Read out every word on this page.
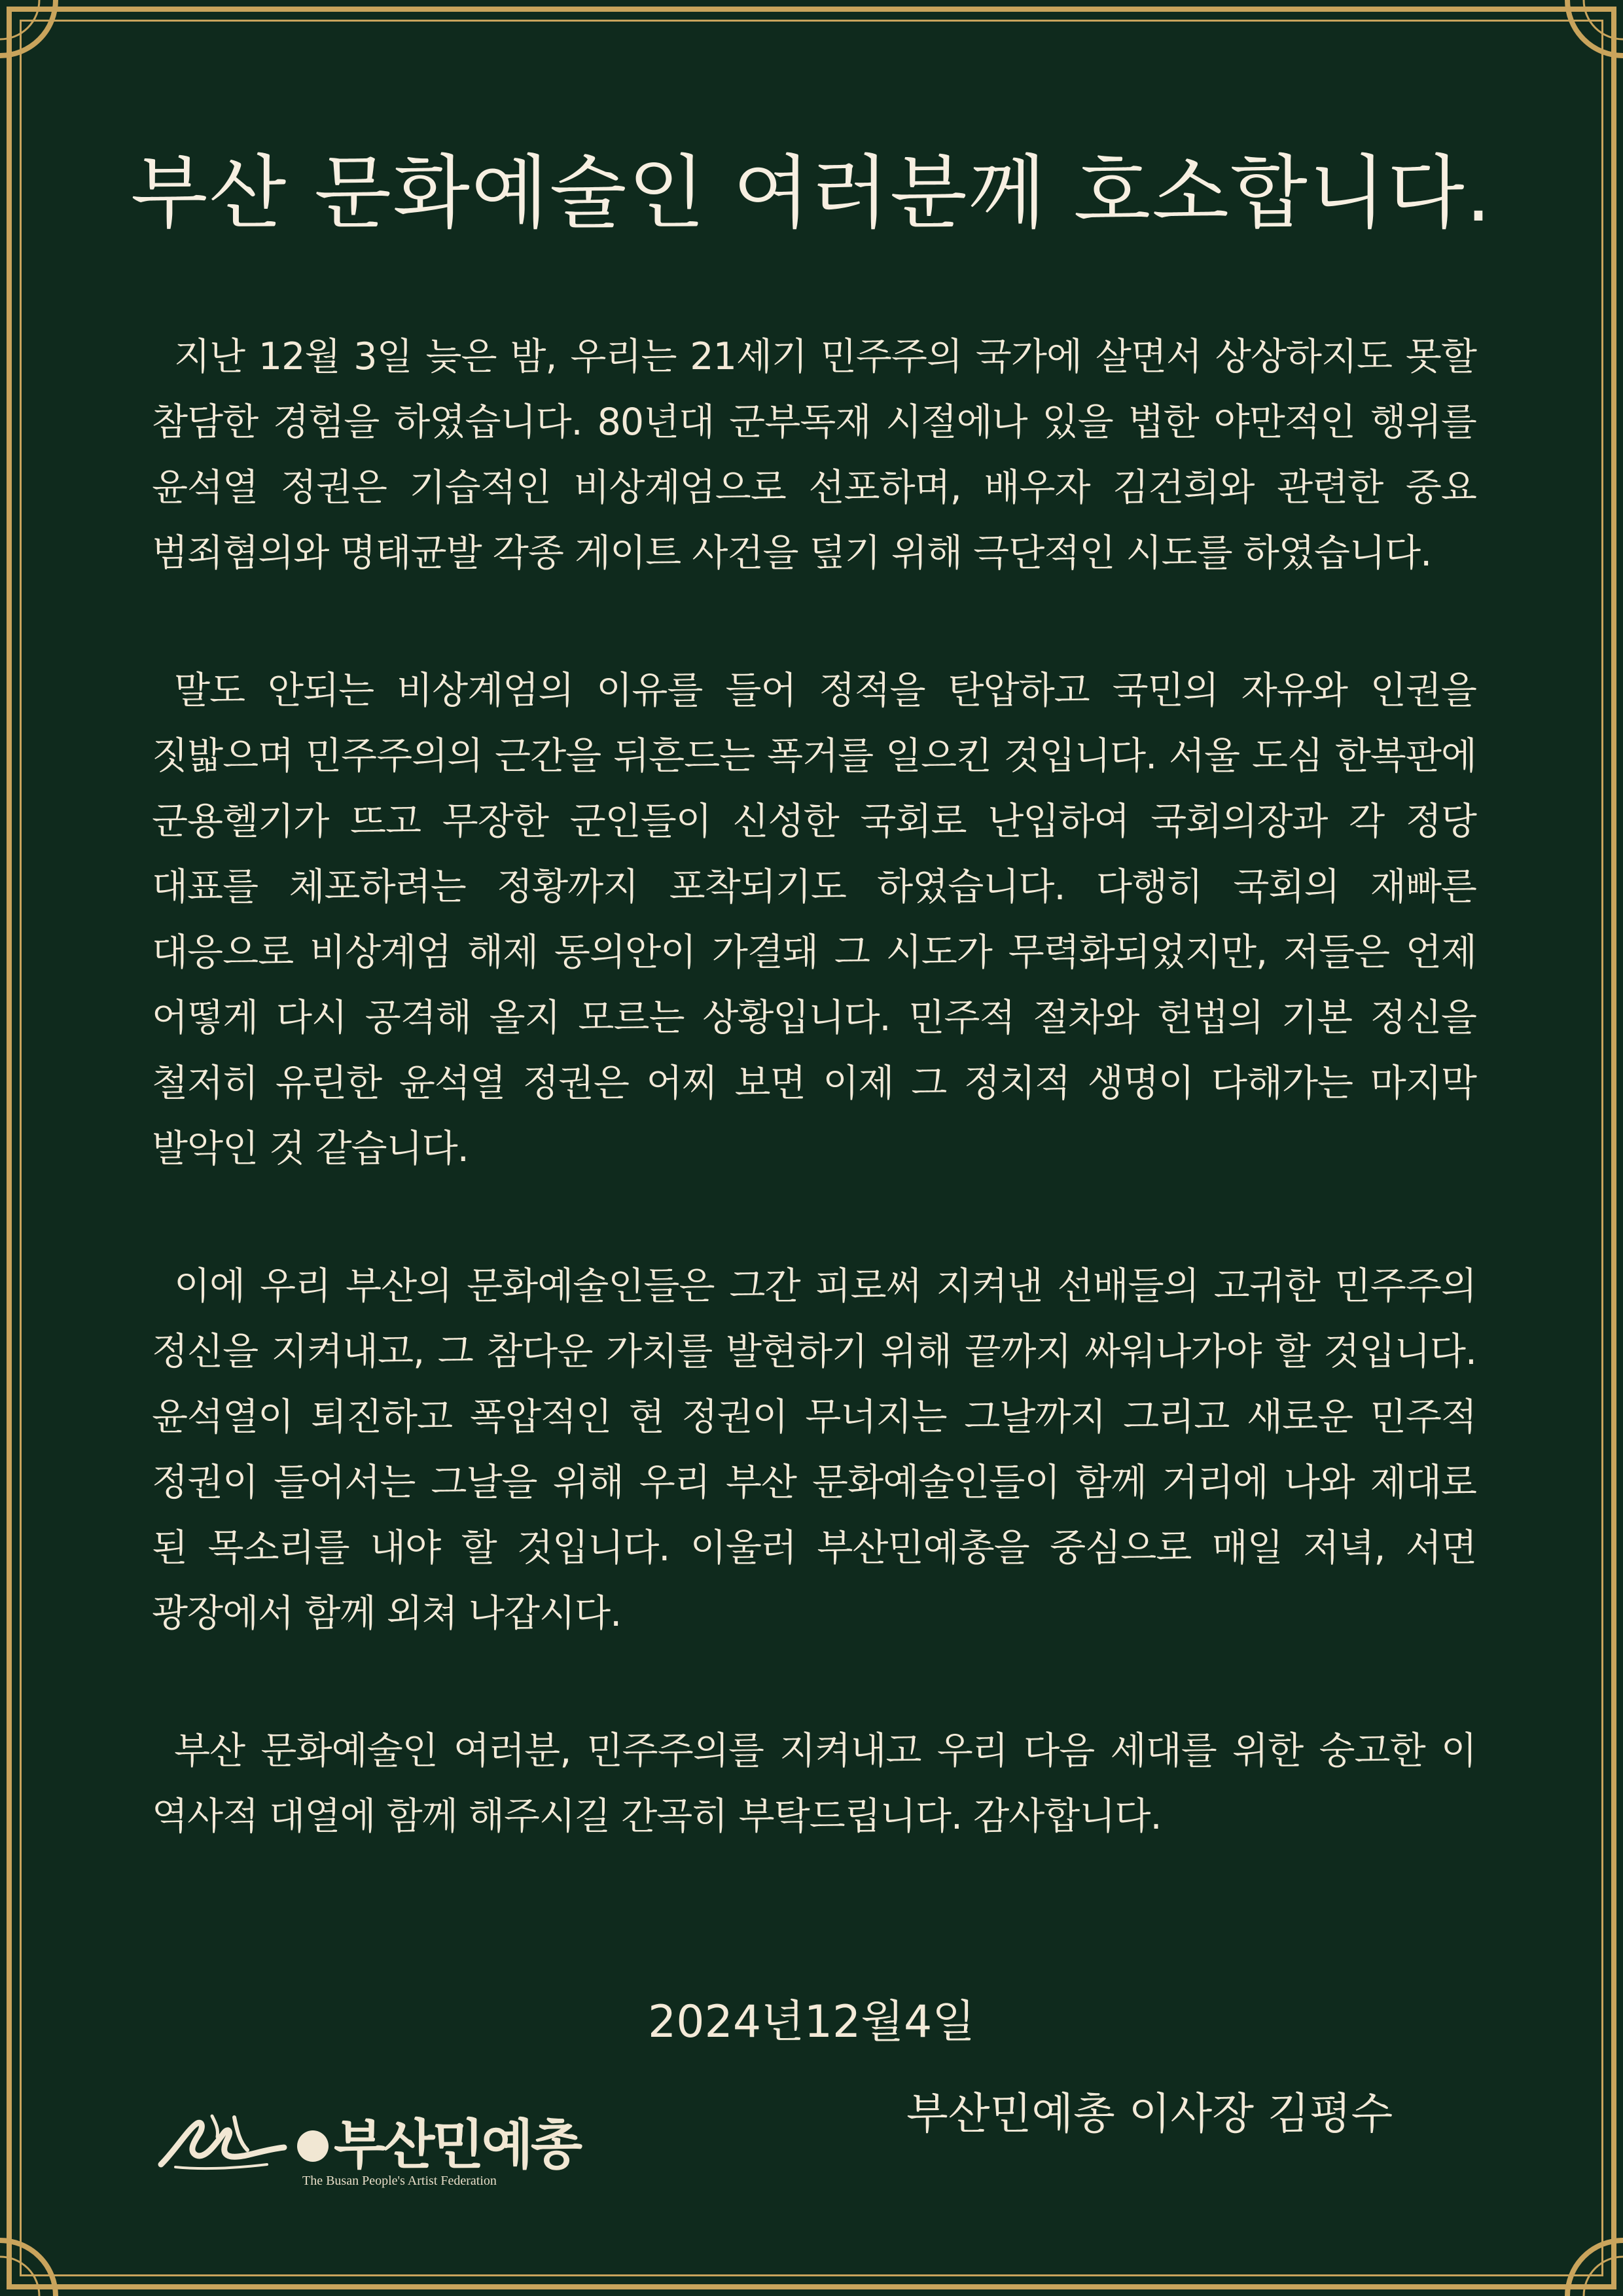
부산 문화예술인 여러분께 호소합니다.

지난 12월 3일 늦은 밤, 우리는 21세기 민주주의 국가에 살면서 상상하지도 못할 참담한 경험을 하였습니다. 80년대 군부독재 시절에나 있을 법한 야만적인 행위를 윤석열 정권은 기습적인 비상계엄으로 선포하며, 배우자 김건희와 관련한 중요 범죄혐의와 명태균발 각종 게이트 사건을 덮기 위해 극단적인 시도를 하였습니다.

말도 안되는 비상계엄의 이유를 들어 정적을 탄압하고 국민의 자유와 인권을 짓밟으며 민주주의의 근간을 뒤흔드는 폭거를 일으킨 것입니다. 서울 도심 한복판에 군용헬기가 뜨고 무장한 군인들이 신성한 국회로 난입하여 국회의장과 각 정당 대표를 체포하려는 정황까지 포착되기도 하였습니다. 다행히 국회의 재빠른 대응으로 비상계엄 해제 동의안이 가결돼 그 시도가 무력화되었지만, 저들은 언제 어떻게 다시 공격해 올지 모르는 상황입니다. 민주적 절차와 헌법의 기본 정신을 철저히 유린한 윤석열 정권은 어찌 보면 이제 그 정치적 생명이 다해가는 마지막 발악인 것 같습니다.

이에 우리 부산의 문화예술인들은 그간 피로써 지켜낸 선배들의 고귀한 민주주의 정신을 지켜내고, 그 참다운 가치를 발현하기 위해 끝까지 싸워나가야 할 것입니다. 윤석열이 퇴진하고 폭압적인 현 정권이 무너지는 그날까지 그리고 새로운 민주적 정권이 들어서는 그날을 위해 우리 부산 문화예술인들이 함께 거리에 나와 제대로 된 목소리를 내야 할 것입니다. 이울러 부산민예총을 중심으로 매일 저녁, 서면 광장에서 함께 외쳐 나갑시다.

부산 문화예술인 여러분, 민주주의를 지켜내고 우리 다음 세대를 위한 숭고한 이 역사적 대열에 함께 해주시길 간곡히 부탁드립니다. 감사합니다.

2024년12월4일
부산민예총
The Busan People's Artist Federation
부산민예총 이사장 김평수
